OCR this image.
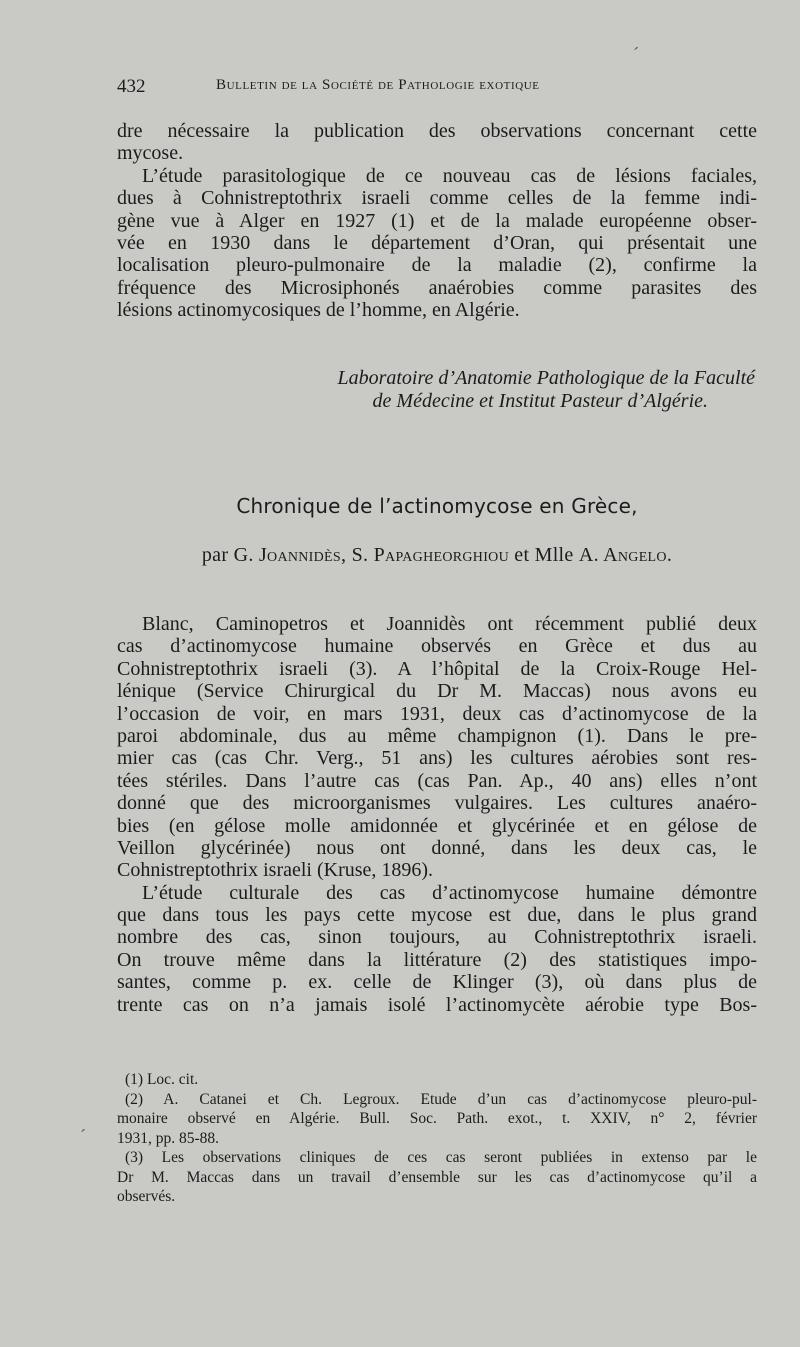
432	Bulletin de la Société de Pathologie exotique
dre nécessaire la publication des observations concernant cette
mycose.
L’étude parasitologique de ce nouveau cas de lésions faciales,
dues à Cohnistreptothrix israeli comme celles de la femme indi-
gène vue à Alger en 1927 (1) et de la malade européenne obser-
vée en 1930 dans le département d’Oran, qui présentait une
localisation pleuro-pulmonaire de la maladie (2), confirme la
fréquence des Microsiphonés anaérobies comme parasites des
lésions actinomycosiques de l’homme, en Algérie.
Laboratoire d’Anatomie Pathologique de la Faculté
de Médecine et Institut Pasteur d’Algérie.
Chronique de l’actinomycose en Grèce,
par G. Joannidès, S. Papagheorghiou et Mlle A. Angelo.
Blanc, Caminopetros et Joannidès ont récemment publié deux
cas d’actinomycose humaine observés en Grèce et dus au
Cohnistreptothrix israeli (3). A l’hôpital de la Croix-Rouge Hel-
lénique (Service Chirurgical du Dr M. Maccas) nous avons eu
l’occasion de voir, en mars 1931, deux cas d’actinomycose de la
paroi abdominale, dus au même champignon (1). Dans le pre-
mier cas (cas Chr. Verg., 51 ans) les cultures aérobies sont res-
tées stériles. Dans l’autre cas (cas Pan. Ap., 40 ans) elles n’ont
donné que des microorganismes vulgaires. Les cultures anaéro-
bies (en gélose molle amidonnée et glycérinée et en gélose de
Veillon glycérinée) nous ont donné, dans les deux cas, le
Cohnistreptothrix israeli (Kruse, 1896).
L’étude culturale des cas d’actinomycose humaine démontre
que dans tous les pays cette mycose est due, dans le plus grand
nombre des cas, sinon toujours, au Cohnistreptothrix israeli.
On trouve même dans la littérature (2) des statistiques impo-
santes, comme p. ex. celle de Klinger (3), où dans plus de
trente cas on n’a jamais isolé l’actinomycète aérobie type Bos-
(1) Loc. cit.
(2) A. Catanei et Ch. Legroux. Etude d’un cas d’actinomycose pleuro-pul-
monaire observé en Algérie. Bull. Soc. Path. exot., t. XXIV, n° 2, février
1931, pp. 85-88.
(3) Les observations cliniques de ces cas seront publiées in extenso par le
Dr M. Maccas dans un travail d’ensemble sur les cas d’actinomycose qu’il a
observés.
ˊ
ˊ
